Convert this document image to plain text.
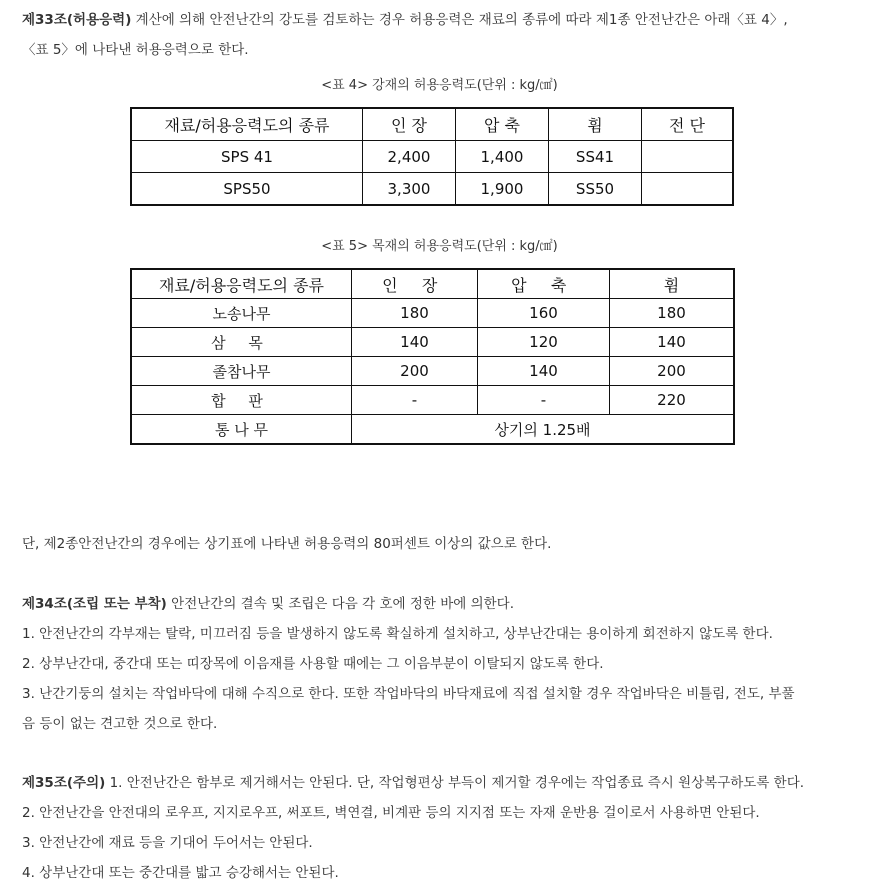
제33조(허용응력) 계산에 의해 안전난간의 강도를 검토하는 경우 허용응력은 재료의 종류에 따라 제1종 안전난간은 아래〈표 4〉,
〈표 5〉에 나타낸 허용응력으로 한다.
<표 4> 강재의 허용응력도(단위 : kg/㎠)
재료/허용응력도의 종류	인 장	압 축	휨	전 단
SPS 41	2,400	1,400	SS41	
SPS50	3,300	1,900	SS50	
<표 5> 목재의 허용응력도(단위 : kg/㎠)
재료/허용응력도의 종류	인 장	압 축	휨
노송나무	180	160	180
삼 목	140	120	140
졸참나무	200	140	200
합 판	-	-	220
통 나 무	상기의 1.25배		
단, 제2종안전난간의 경우에는 상기표에 나타낸 허용응력의 80퍼센트 이상의 값으로 한다.
제34조(조립 또는 부착) 안전난간의 결속 및 조립은 다음 각 호에 정한 바에 의한다.
1. 안전난간의 각부재는 탈락, 미끄러짐 등을 발생하지 않도록 확실하게 설치하고, 상부난간대는 용이하게 회전하지 않도록 한다.
2. 상부난간대, 중간대 또는 띠장목에 이음재를 사용할 때에는 그 이음부분이 이탈되지 않도록 한다.
3. 난간기둥의 설치는 작업바닥에 대해 수직으로 한다. 또한 작업바닥의 바닥재료에 직접 설치할 경우 작업바닥은 비틀림, 전도, 부풀
음 등이 없는 견고한 것으로 한다.
제35조(주의) 1. 안전난간은 함부로 제거해서는 안된다. 단, 작업형편상 부득이 제거할 경우에는 작업종료 즉시 원상복구하도록 한다.
2. 안전난간을 안전대의 로우프, 지지로우프, 써포트, 벽연결, 비계판 등의 지지점 또는 자재 운반용 걸이로서 사용하면 안된다.
3. 안전난간에 재료 등을 기대어 두어서는 안된다.
4. 상부난간대 또는 중간대를 밟고 승강해서는 안된다.
